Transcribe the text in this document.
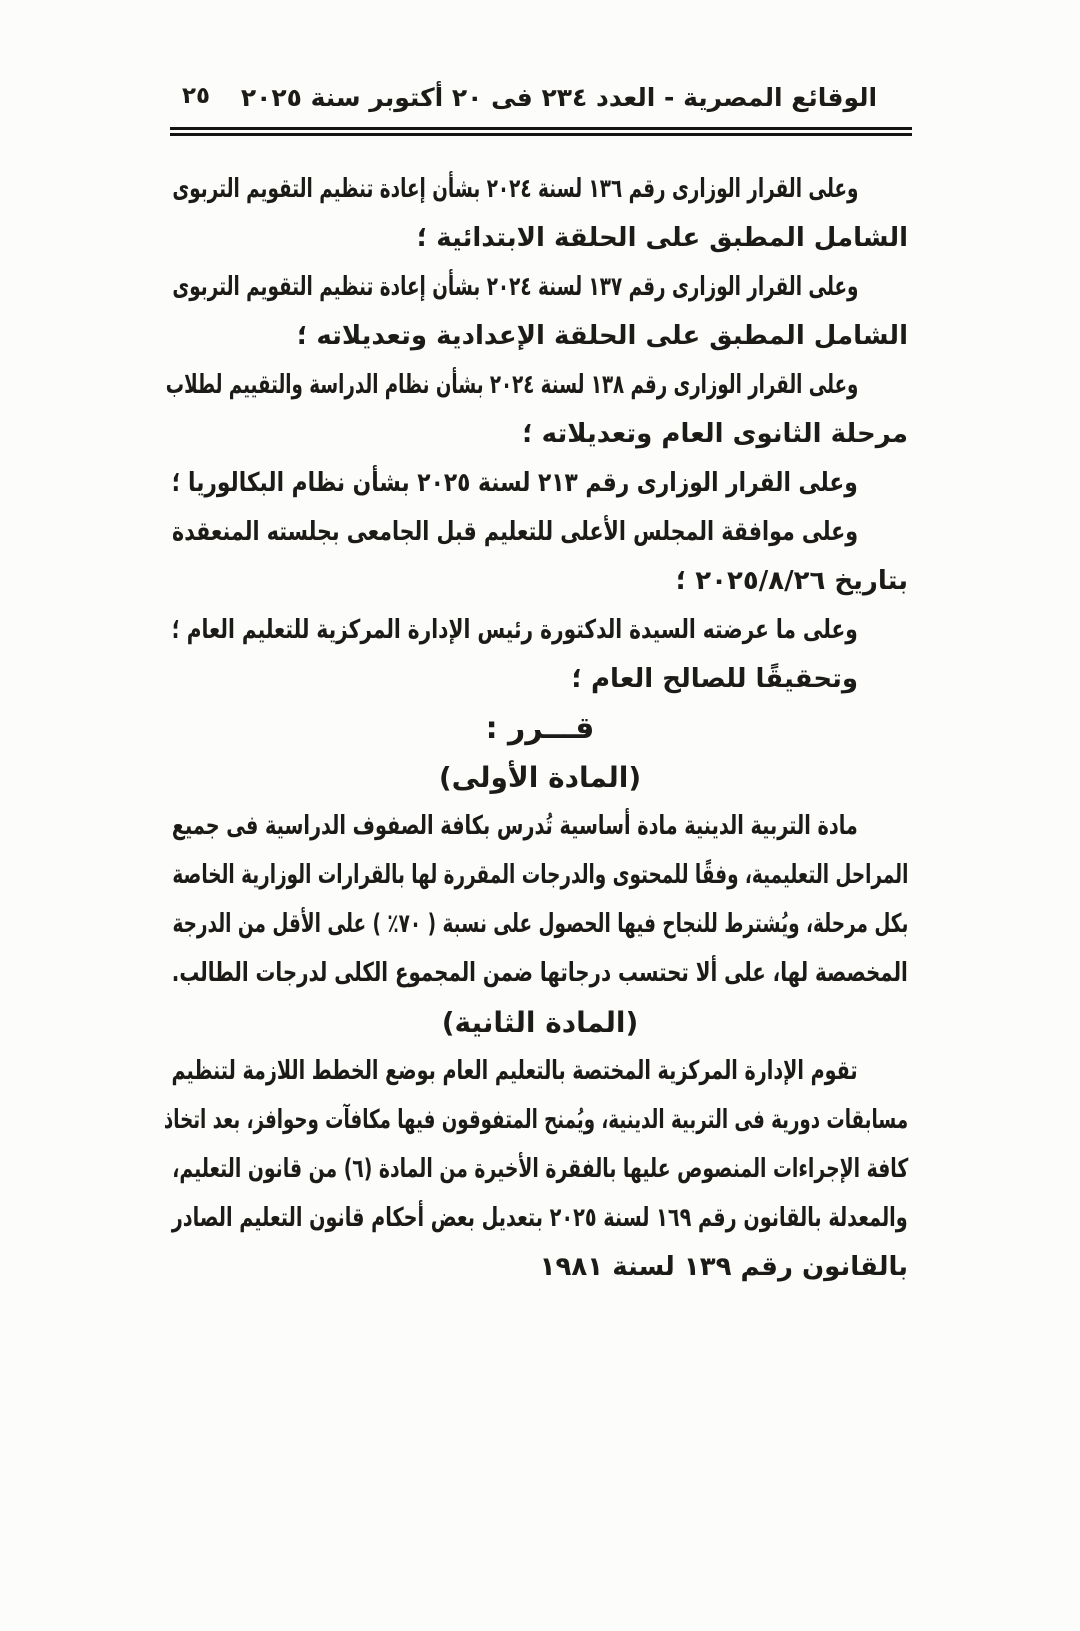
الوقائع المصرية - العدد ٢٣٤ فى ٢٠ أكتوبر سنة ٢٠٢٥
٢٥
وعلى القرار الوزارى رقم ١٣٦ لسنة ٢٠٢٤ بشأن إعادة تنظيم التقويم التربوى
الشامل المطبق على الحلقة الابتدائية ؛
وعلى القرار الوزارى رقم ١٣٧ لسنة ٢٠٢٤ بشأن إعادة تنظيم التقويم التربوى
الشامل المطبق على الحلقة الإعدادية وتعديلاته ؛
وعلى القرار الوزارى رقم ١٣٨ لسنة ٢٠٢٤ بشأن نظام الدراسة والتقييم لطلاب
مرحلة الثانوى العام وتعديلاته ؛
وعلى القرار الوزارى رقم ٢١٣ لسنة ٢٠٢٥ بشأن نظام البكالوريا ؛
وعلى موافقة المجلس الأعلى للتعليم قبل الجامعى بجلسته المنعقدة
بتاريخ ٢٠٢٥/٨/٢٦ ؛
وعلى ما عرضته السيدة الدكتورة رئيس الإدارة المركزية للتعليم العام ؛
وتحقيقًا للصالح العام ؛
قـــرر :
(المادة الأولى)
مادة التربية الدينية مادة أساسية تُدرس بكافة الصفوف الدراسية فى جميع
المراحل التعليمية، وفقًا للمحتوى والدرجات المقررة لها بالقرارات الوزارية الخاصة
بكل مرحلة، ويُشترط للنجاح فيها الحصول على نسبة ( ٧٠٪ ) على الأقل من الدرجة
المخصصة لها، على ألا تحتسب درجاتها ضمن المجموع الكلى لدرجات الطالب.
(المادة الثانية)
تقوم الإدارة المركزية المختصة بالتعليم العام بوضع الخطط اللازمة لتنظيم
مسابقات دورية فى التربية الدينية، ويُمنح المتفوقون فيها مكافآت وحوافز، بعد اتخاذ
كافة الإجراءات المنصوص عليها بالفقرة الأخيرة من المادة (٦) من قانون التعليم،
والمعدلة بالقانون رقم ١٦٩ لسنة ٢٠٢٥ بتعديل بعض أحكام قانون التعليم الصادر
بالقانون رقم ١٣٩ لسنة ١٩٨١
